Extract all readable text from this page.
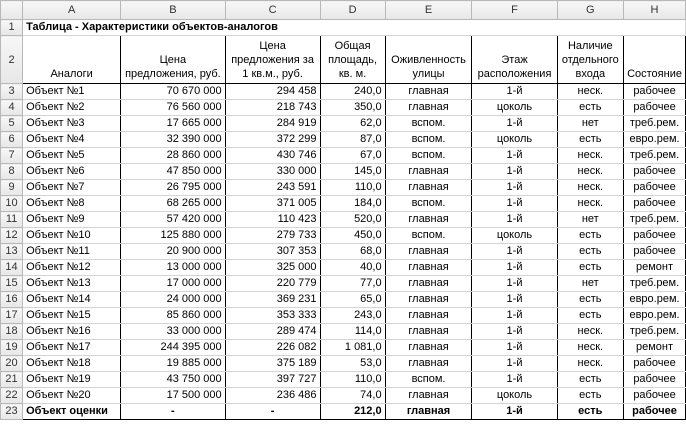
	A	B	C	D	E	F	G	H
1	Таблица - Характеристики объектов-аналогов							
2	Аналоги	Цена предложения, руб.	Цена предложения за 1 кв.м., руб.	Общая площадь, кв. м.	Оживленность улицы	Этаж расположения	Наличие отдельного входа	Состояние
3	Объект №1	70 670 000	294 458	240,0	главная	1-й	неск.	рабочее
4	Объект №2	76 560 000	218 743	350,0	главная	цоколь	есть	рабочее
5	Объект №3	17 665 000	284 919	62,0	вспом.	1-й	нет	треб.рем.
6	Объект №4	32 390 000	372 299	87,0	вспом.	цоколь	есть	евро.рем.
7	Объект №5	28 860 000	430 746	67,0	вспом.	1-й	неск.	треб.рем.
8	Объект №6	47 850 000	330 000	145,0	главная	1-й	неск.	рабочее
9	Объект №7	26 795 000	243 591	110,0	главная	1-й	неск.	рабочее
10	Объект №8	68 265 000	371 005	184,0	вспом.	1-й	неск.	рабочее
11	Объект №9	57 420 000	110 423	520,0	главная	1-й	нет	треб.рем.
12	Объект №10	125 880 000	279 733	450,0	вспом.	цоколь	есть	рабочее
13	Объект №11	20 900 000	307 353	68,0	главная	1-й	есть	рабочее
14	Объект №12	13 000 000	325 000	40,0	главная	1-й	есть	ремонт
15	Объект №13	17 000 000	220 779	77,0	главная	1-й	нет	треб.рем.
16	Объект №14	24 000 000	369 231	65,0	главная	1-й	есть	евро.рем.
17	Объект №15	85 860 000	353 333	243,0	главная	1-й	есть	евро.рем.
18	Объект №16	33 000 000	289 474	114,0	главная	1-й	неск.	треб.рем.
19	Объект №17	244 395 000	226 082	1 081,0	главная	1-й	неск.	ремонт
20	Объект №18	19 885 000	375 189	53,0	главная	1-й	неск.	рабочее
21	Объект №19	43 750 000	397 727	110,0	вспом.	1-й	есть	рабочее
22	Объект №20	17 500 000	236 486	74,0	главная	цоколь	есть	рабочее
23	Объект оценки	-	-	212,0	главная	1-й	есть	рабочее
